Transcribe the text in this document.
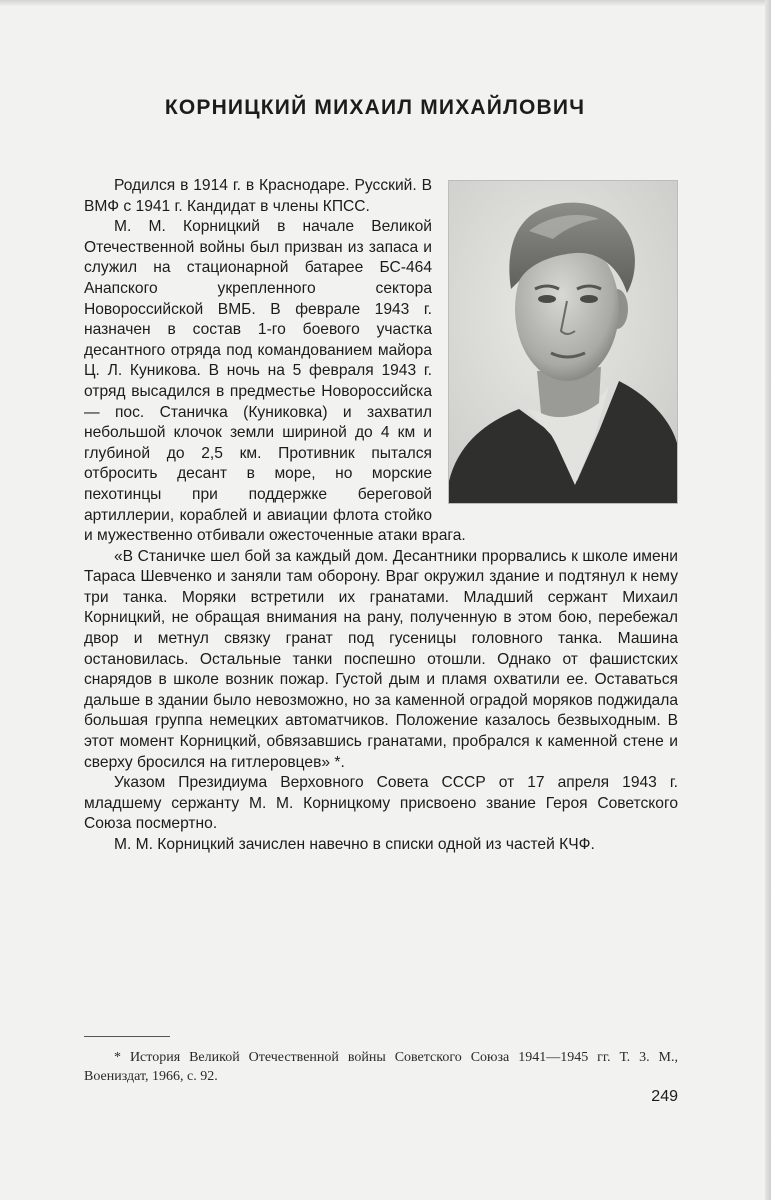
КОРНИЦКИЙ МИХАИЛ МИХАЙЛОВИЧ

Родился в 1914 г. в Краснодаре. Русский. В ВМФ с 1941 г. Кандидат в члены КПСС.

М. М. Корницкий в начале Великой Отечественной войны был призван из запаса и служил на стационарной батарее БС-464 Анапского укрепленного сектора Новороссийской ВМБ. В феврале 1943 г. назначен в состав 1-го боевого участка десантного отряда под командованием майора Ц. Л. Куникова. В ночь на 5 февраля 1943 г. отряд высадился в предместье Новороссийска — пос. Станичка (Куниковка) и захватил небольшой клочок земли шириной до 4 км и глубиной до 2,5 км. Противник пытался отбросить десант в море, но морские пехотинцы при поддержке береговой артиллерии, кораблей и авиации флота стойко и мужественно отбивали ожесточенные атаки врага.

«В Станичке шел бой за каждый дом. Десантники прорвались к школе имени Тараса Шевченко и заняли там оборону. Враг окружил здание и подтянул к нему три танка. Моряки встретили их гранатами. Младший сержант Михаил Корницкий, не обращая внимания на рану, полученную в этом бою, перебежал двор и метнул связку гранат под гусеницы головного танка. Машина остановилась. Остальные танки поспешно отошли. Однако от фашистских снарядов в школе возник пожар. Густой дым и пламя охватили ее. Оставаться дальше в здании было невозможно, но за каменной оградой моряков поджидала большая группа немецких автоматчиков. Положение казалось безвыходным. В этот момент Корницкий, обвязавшись гранатами, пробрался к каменной стене и сверху бросился на гитлеровцев» *.

Указом Президиума Верховного Совета СССР от 17 апреля 1943 г. младшему сержанту М. М. Корницкому присвоено звание Героя Советского Союза посмертно.

М. М. Корницкий зачислен навечно в списки одной из частей КЧФ.

* История Великой Отечественной войны Советского Союза 1941—1945 гг. Т. 3. М., Воениздат, 1966, с. 92.

249
